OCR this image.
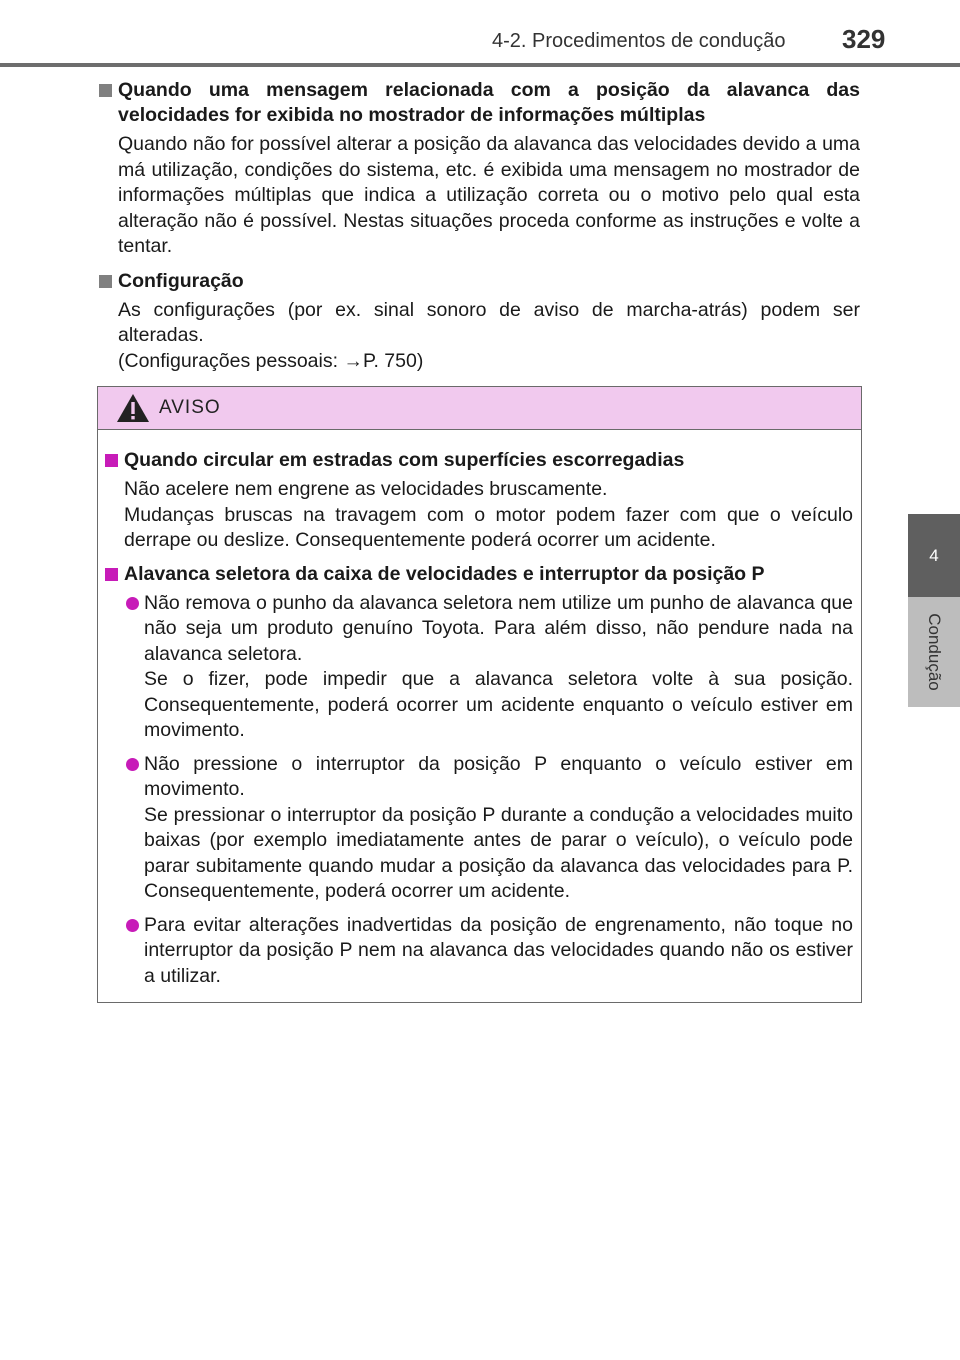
4-2. Procedimentos de condução 329
4
Condução
Quando uma mensagem relacionada com a posição da alavanca das velocidades for exibida no mostrador de informações múltiplas

Quando não for possível alterar a posição da alavanca das velocidades devido a uma má utilização, condições do sistema, etc. é exibida uma mensagem no mostrador de informações múltiplas que indica a utilização correta ou o motivo pelo qual esta alteração não é possível. Nestas situações proceda conforme as instruções e volte a tentar.

Configuração

As configurações (por ex. sinal sonoro de aviso de marcha-atrás) podem ser alteradas.

(Configurações pessoais: →P. 750)

AVISO
Quando circular em estradas com superfícies escorregadias

Não acelere nem engrene as velocidades bruscamente.

Mudanças bruscas na travagem com o motor podem fazer com que o veículo derrape ou deslize. Consequentemente poderá ocorrer um acidente.

Alavanca seletora da caixa de velocidades e interruptor da posição P

Não remova o punho da alavanca seletora nem utilize um punho de alavanca que não seja um produto genuíno Toyota. Para além disso, não pendure nada na alavanca seletora.

Se o fizer, pode impedir que a alavanca seletora volte à sua posição. Consequentemente, poderá ocorrer um acidente enquanto o veículo estiver em movimento.

Não pressione o interruptor da posição P enquanto o veículo estiver em movimento.

Se pressionar o interruptor da posição P durante a condução a velocidades muito baixas (por exemplo imediatamente antes de parar o veículo), o veículo pode parar subitamente quando mudar a posição da alavanca das velocidades para P. Consequentemente, poderá ocorrer um acidente.

Para evitar alterações inadvertidas da posição de engrenamento, não toque no interruptor da posição P nem na alavanca das velocidades quando não os estiver a utilizar.
